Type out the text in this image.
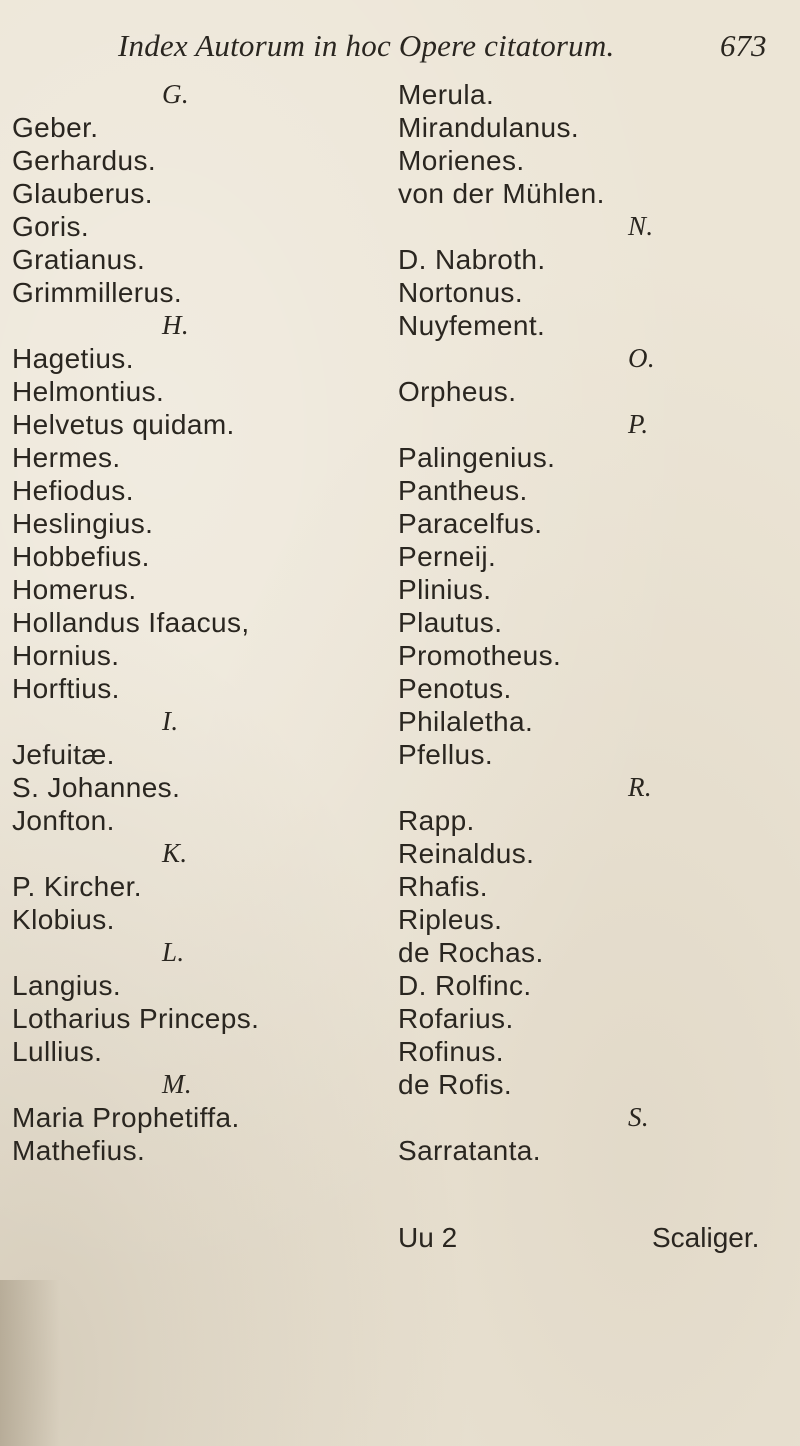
Index Autorum in hoc Opere citatorum.	673
G.
Geber.
Gerhardus.
Glauberus.
Goris.
Gratianus.
Grimmillerus.
H.
Hagetius.
Helmontius.
Helvetus quidam.
Hermes.
Hefiodus.
Heslingius.
Hobbefius.
Homerus.
Hollandus Ifaacus,
Hornius.
Horftius.
I.
Jefuitæ.
S. Johannes.
Jonfton.
K.
P. Kircher.
Klobius.
L.
Langius.
Lotharius Princeps.
Lullius.
M.
Maria Prophetiffa.
Mathefius.
Merula.
Mirandulanus.
Morienes.
von der Mühlen.
N.
D. Nabroth.
Nortonus.
Nuyfement.
O.
Orpheus.
P.
Palingenius.
Pantheus.
Paracelfus.
Perneij.
Plinius.
Plautus.
Promotheus.
Penotus.
Philaletha.
Pfellus.
R.
Rapp.
Reinaldus.
Rhafis.
Ripleus.
de Rochas.
D. Rolfinc.
Rofarius.
Rofinus.
de Rofis.
S.
Sarratanta.
Uu 2	Scaliger.
